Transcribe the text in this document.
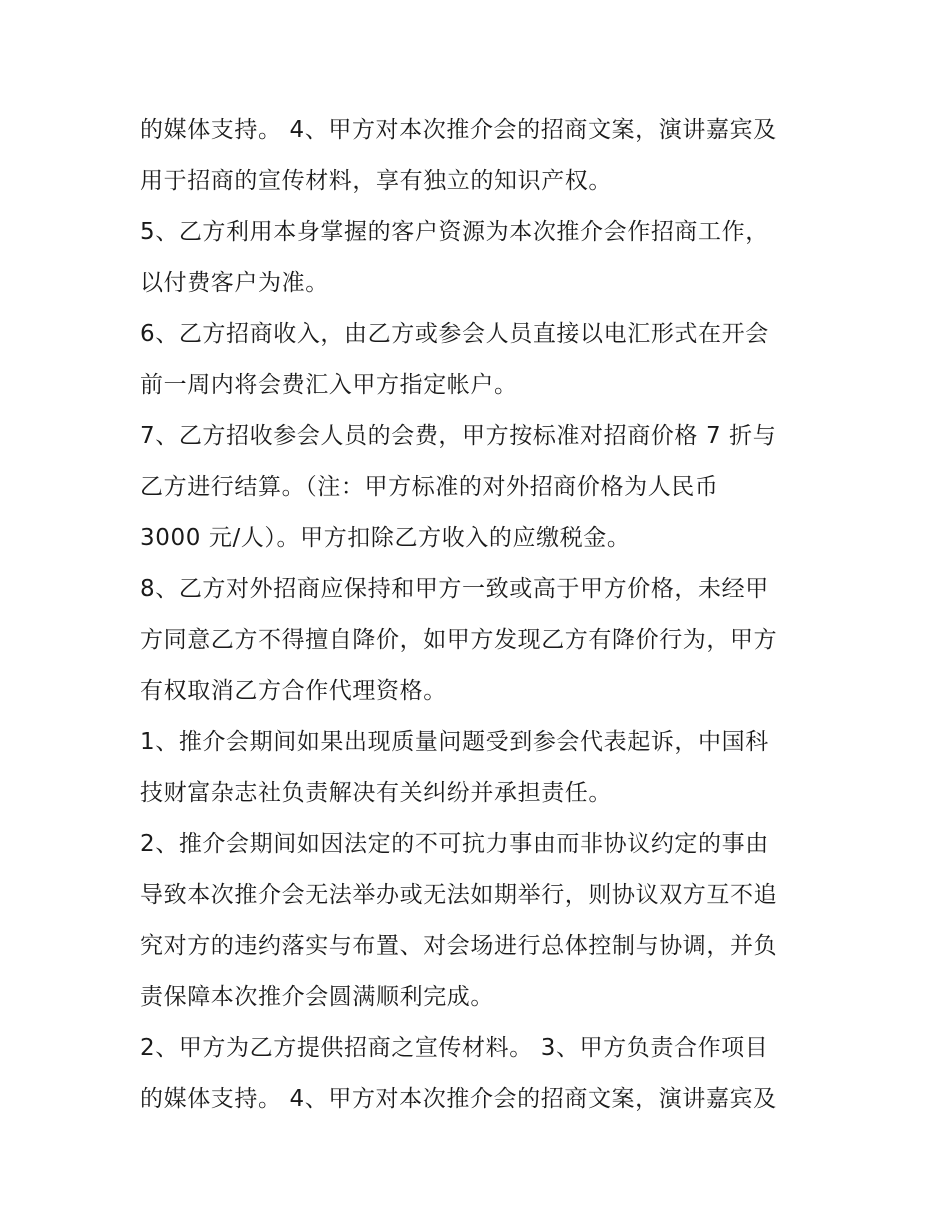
的媒体支持。 4、甲方对本次推介会的招商文案，演讲嘉宾及
用于招商的宣传材料，享有独立的知识产权。
5、乙方利用本身掌握的客户资源为本次推介会作招商工作，
以付费客户为准。
6、乙方招商收入，由乙方或参会人员直接以电汇形式在开会
前一周内将会费汇入甲方指定帐户。
7、乙方招收参会人员的会费，甲方按标准对招商价格 7 折与
乙方进行结算。（注：甲方标准的对外招商价格为人民币
3000 元/人）。甲方扣除乙方收入的应缴税金。
8、乙方对外招商应保持和甲方一致或高于甲方价格，未经甲
方同意乙方不得擅自降价，如甲方发现乙方有降价行为，甲方
有权取消乙方合作代理资格。
1、推介会期间如果出现质量问题受到参会代表起诉，中国科
技财富杂志社负责解决有关纠纷并承担责任。
2、推介会期间如因法定的不可抗力事由而非协议约定的事由
导致本次推介会无法举办或无法如期举行，则协议双方互不追
究对方的违约落实与布置、对会场进行总体控制与协调，并负
责保障本次推介会圆满顺利完成。
2、甲方为乙方提供招商之宣传材料。 3、甲方负责合作项目
的媒体支持。 4、甲方对本次推介会的招商文案，演讲嘉宾及
